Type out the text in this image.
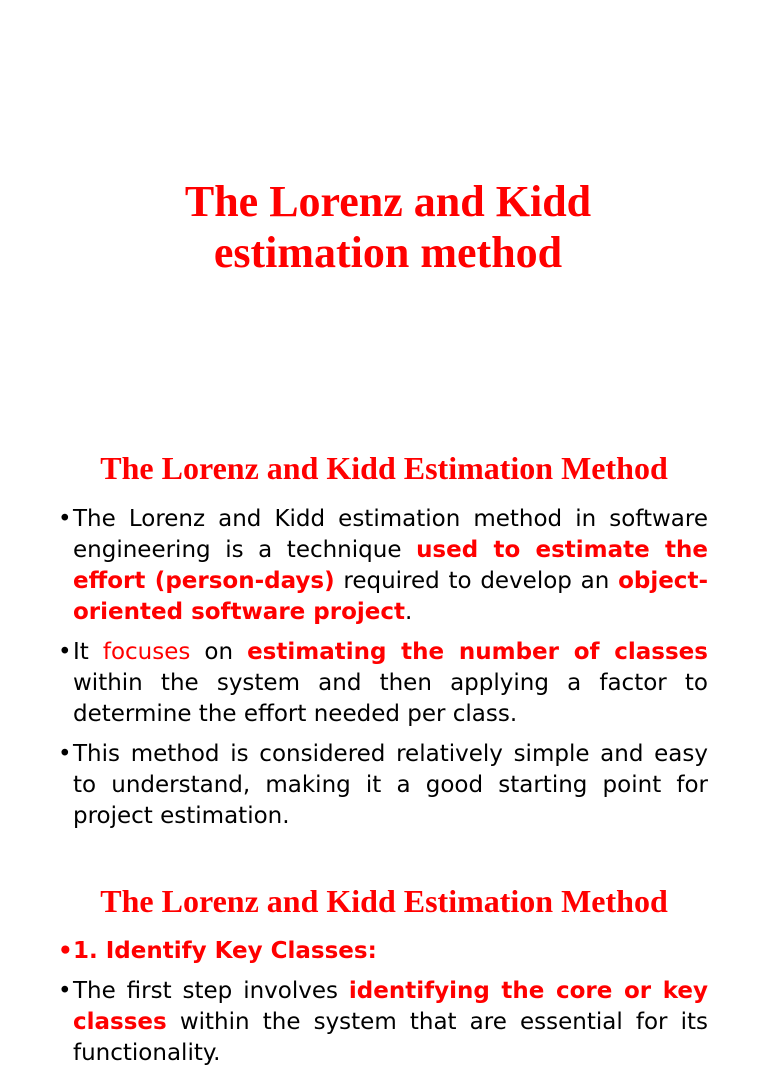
The Lorenz and Kidd
estimation method
The Lorenz and Kidd Estimation Method
• The Lorenz and Kidd estimation method in software engineering is a technique used to estimate the effort (person-days) required to develop an object-oriented software project.
• It focuses on estimating the number of classes within the system and then applying a factor to determine the effort needed per class.
• This method is considered relatively simple and easy to understand, making it a good starting point for project estimation.
The Lorenz and Kidd Estimation Method
• 1. Identify Key Classes:
• The first step involves identifying the core or key classes within the system that are essential for its functionality.
